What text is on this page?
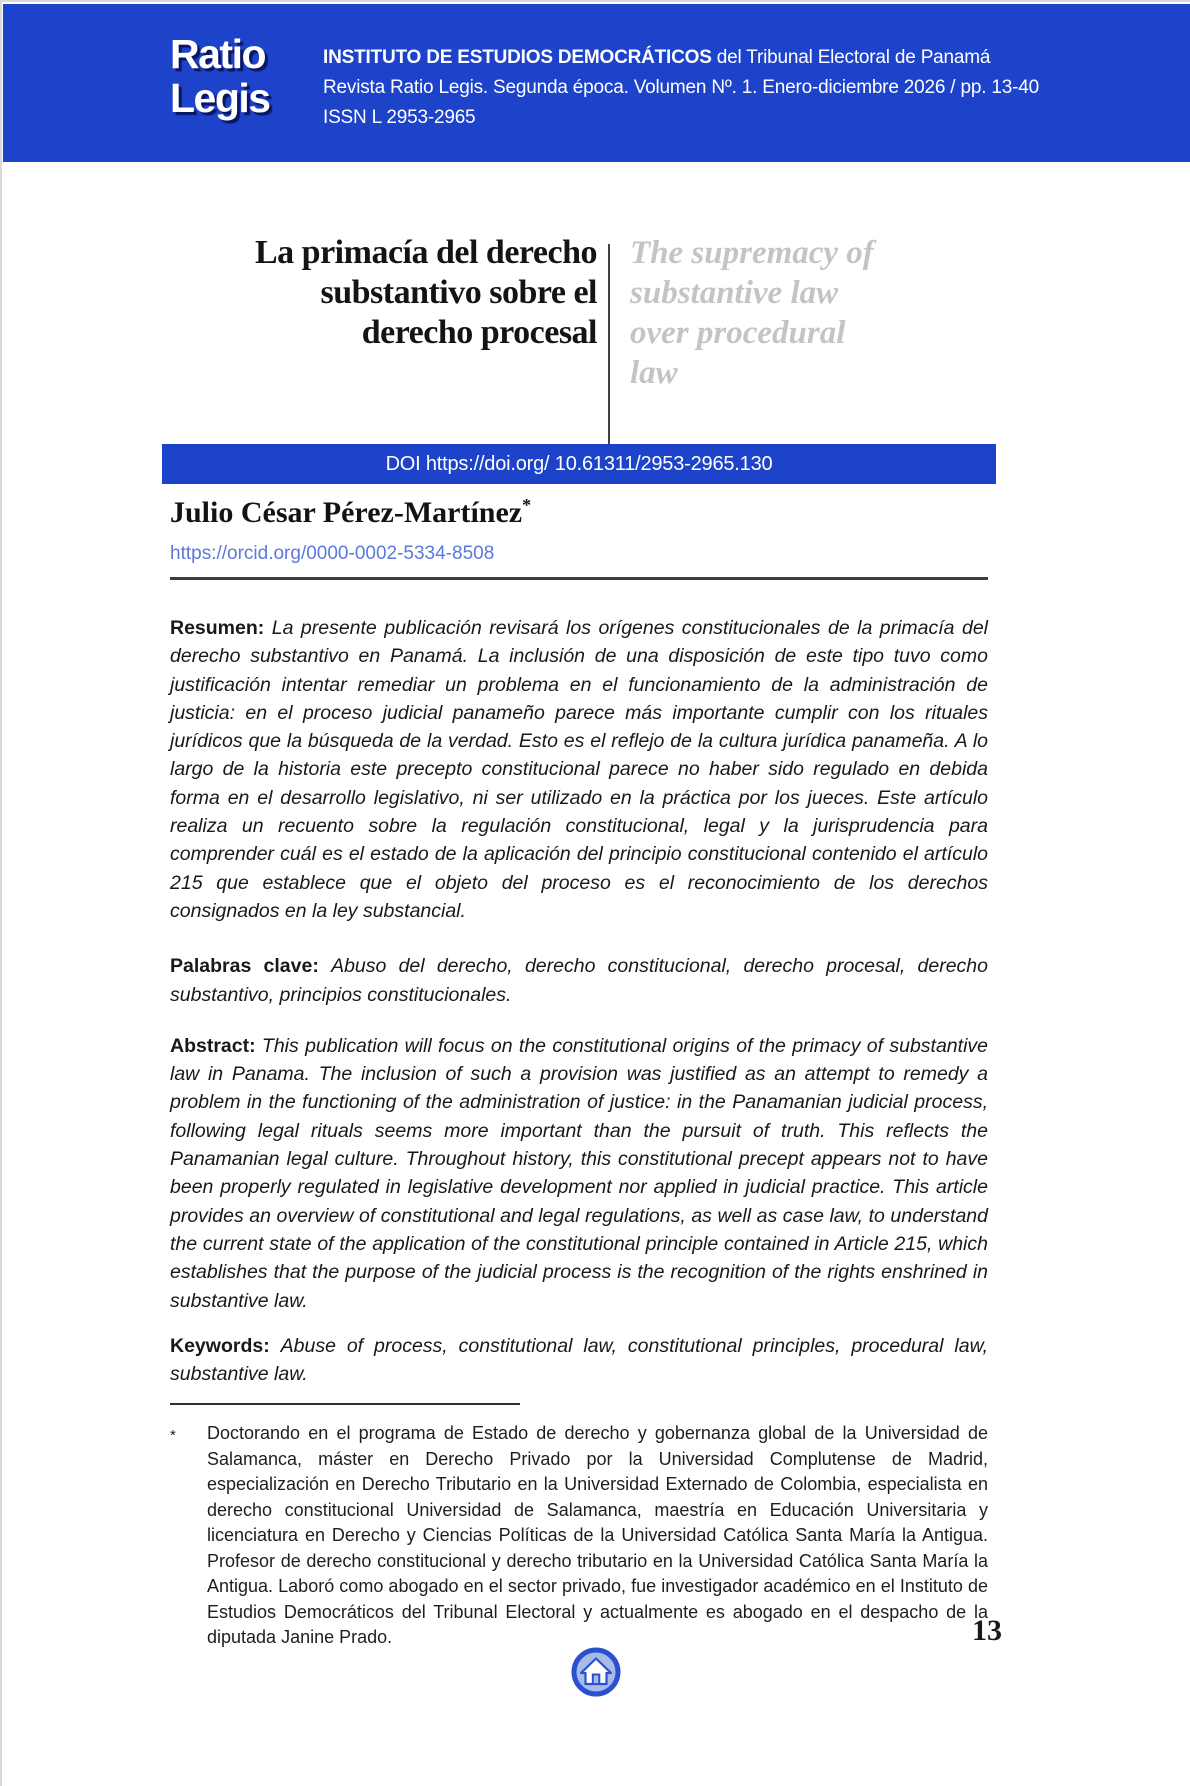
Ratio
Legis
INSTITUTO DE ESTUDIOS DEMOCRÁTICOS del Tribunal Electoral de Panamá
Revista Ratio Legis. Segunda época. Volumen Nº. 1. Enero-diciembre 2026 / pp. 13-40
ISSN L 2953-2965
La primacía del derecho substantivo sobre el derecho procesal
The supremacy of substantive law over procedural law
DOI https://doi.org/ 10.61311/2953-2965.130
Julio César Pérez-Martínez*
https://orcid.org/0000-0002-5334-8508

Resumen: La presente publicación revisará los orígenes constitucionales de la primacía del derecho substantivo en Panamá. La inclusión de una disposición de este tipo tuvo como justificación intentar remediar un problema en el funcionamiento de la administración de justicia: en el proceso judicial panameño parece más importante cumplir con los rituales jurídicos que la búsqueda de la verdad. Esto es el reflejo de la cultura jurídica panameña. A lo largo de la historia este precepto constitucional parece no haber sido regulado en debida forma en el desarrollo legislativo, ni ser utilizado en la práctica por los jueces. Este artículo realiza un recuento sobre la regulación constitucional, legal y la jurisprudencia para comprender cuál es el estado de la aplicación del principio constitucional contenido el artículo 215 que establece que el objeto del proceso es el reconocimiento de los derechos consignados en la ley substancial.

Palabras clave: Abuso del derecho, derecho constitucional, derecho procesal, derecho substantivo, principios constitucionales.

Abstract: This publication will focus on the constitutional origins of the primacy of substantive law in Panama. The inclusion of such a provision was justified as an attempt to remedy a problem in the functioning of the administration of justice: in the Panamanian judicial process, following legal rituals seems more important than the pursuit of truth. This reflects the Panamanian legal culture. Throughout history, this constitutional precept appears not to have been properly regulated in legislative development nor applied in judicial practice. This article provides an overview of constitutional and legal regulations, as well as case law, to understand the current state of the application of the constitutional principle contained in Article 215, which establishes that the purpose of the judicial process is the recognition of the rights enshrined in substantive law.

Keywords: Abuse of process, constitutional law, constitutional principles, procedural law, substantive law.

*	Doctorando en el programa de Estado de derecho y gobernanza global de la Universidad de Salamanca, máster en Derecho Privado por la Universidad Complutense de Madrid, especialización en Derecho Tributario en la Universidad Externado de Colombia, especialista en derecho constitucional Universidad de Salamanca, maestría en Educación Universitaria y licenciatura en Derecho y Ciencias Políticas de la Universidad Católica Santa María la Antigua. Profesor de derecho constitucional y derecho tributario en la Universidad Católica Santa María la Antigua. Laboró como abogado en el sector privado, fue investigador académico en el Instituto de Estudios Democráticos del Tribunal Electoral y actualmente es abogado en el despacho de la diputada Janine Prado.	13
